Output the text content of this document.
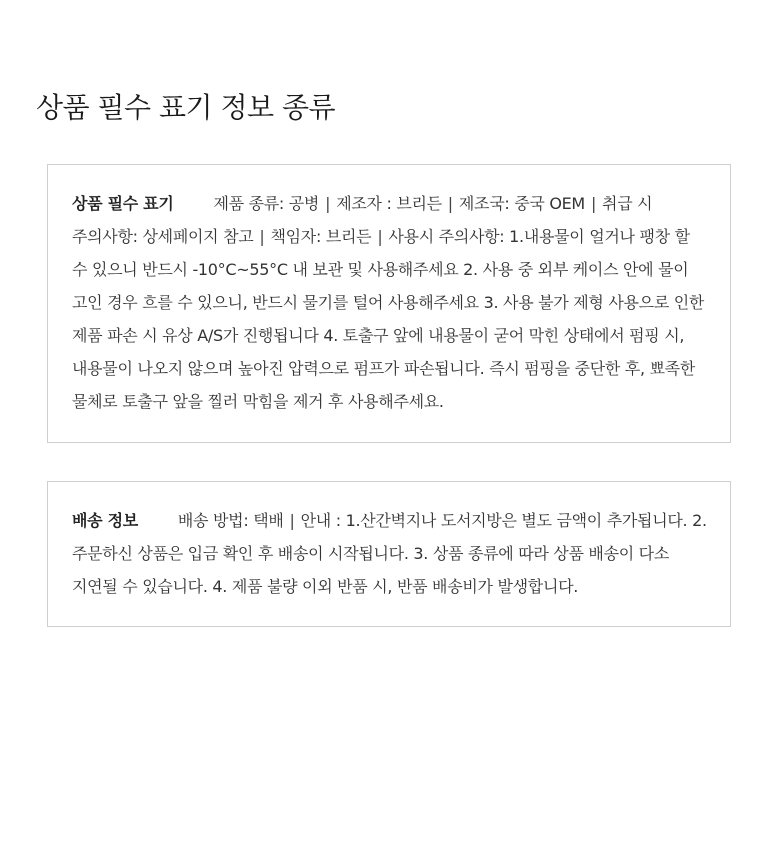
상품 필수 표기 정보 종류
상품 필수 표기	제품 종류: 공병 | 제조자 : 브리든 | 제조국: 중국 OEM | 취급 시 주의사항: 상세페이지 참고 | 책임자: 브리든 | 사용시 주의사항: 1.내용물이 얼거나 팽창 할 수 있으니 반드시 -10°C~55°C 내 보관 및 사용해주세요 2. 사용 중 외부 케이스 안에 물이 고인 경우 흐를 수 있으니, 반드시 물기를 털어 사용해주세요 3. 사용 불가 제형 사용으로 인한 제품 파손 시 유상 A/S가 진행됩니다 4. 토출구 앞에 내용물이 굳어 막힌 상태에서 펌핑 시, 내용물이 나오지 않으며 높아진 압력으로 펌프가 파손됩니다. 즉시 펌핑을 중단한 후, 뾰족한 물체로 토출구 앞을 찔러 막힘을 제거 후 사용해주세요.
배송 정보	배송 방법: 택배 | 안내 : 1.산간벽지나 도서지방은 별도 금액이 추가됩니다. 2.주문하신 상품은 입금 확인 후 배송이 시작됩니다. 3. 상품 종류에 따라 상품 배송이 다소 지연될 수 있습니다. 4. 제품 불량 이외 반품 시, 반품 배송비가 발생합니다.
